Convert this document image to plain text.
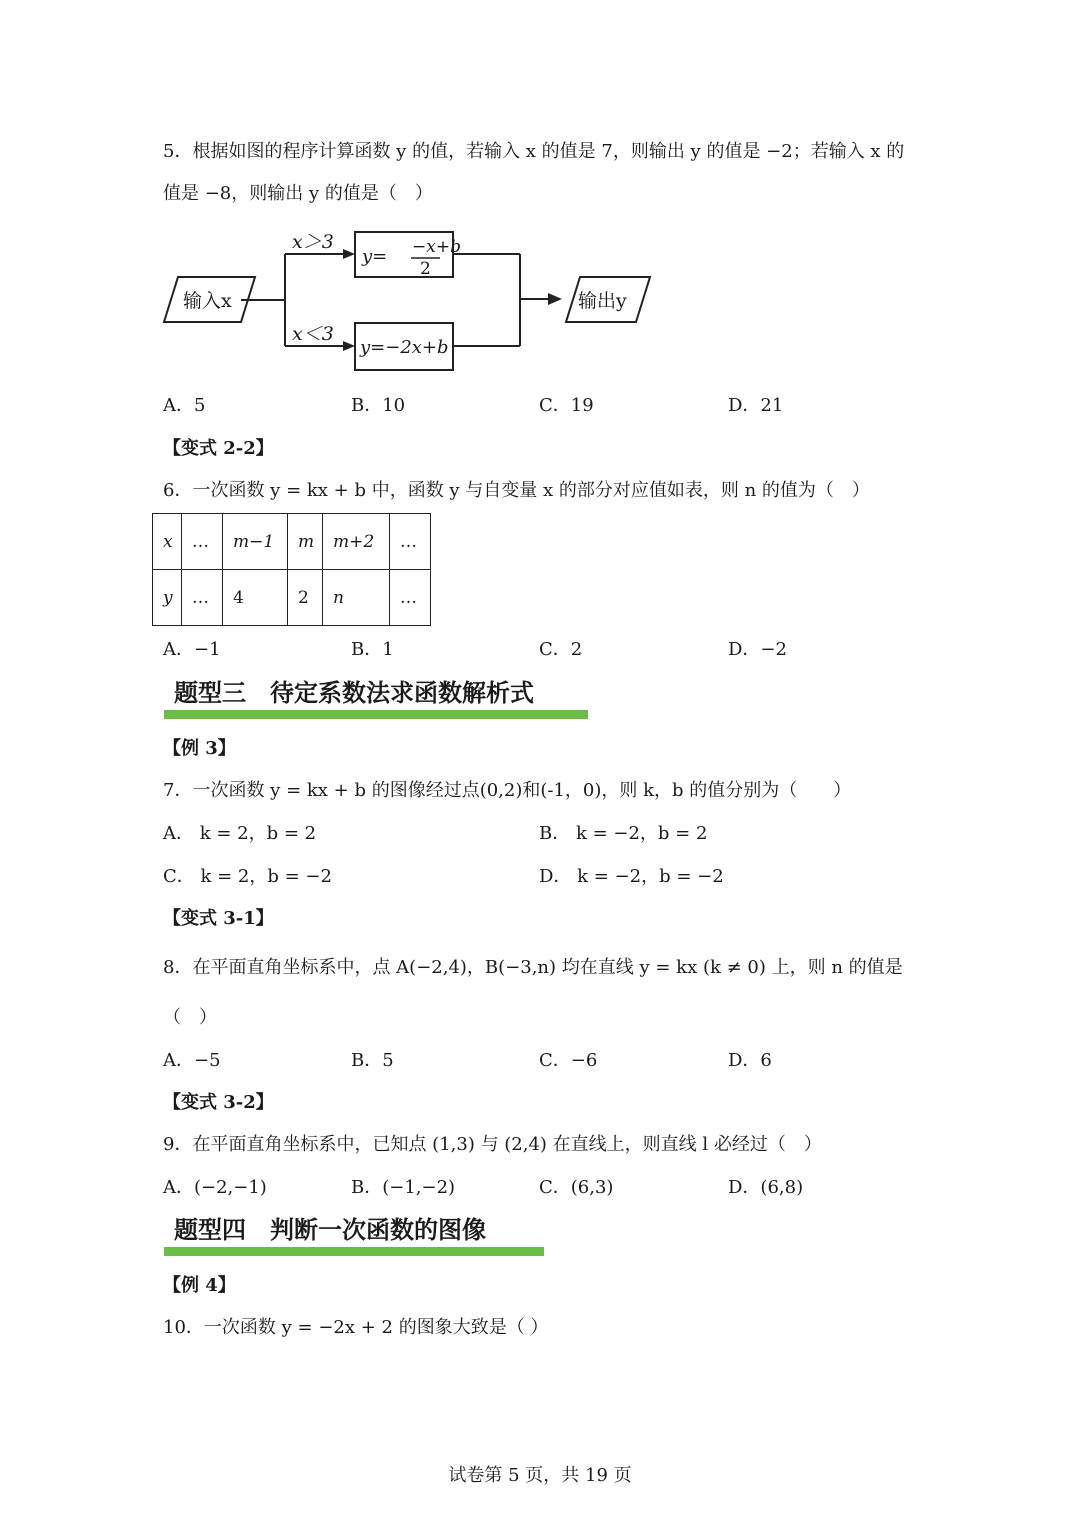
5．根据如图的程序计算函数 y 的值，若输入 x 的值是 7，则输出 y 的值是 −2；若输入 x 的
值是 −8，则输出 y 的值是（　）
输入x	输出y
x＞3
x＜3
y= −x+b
2
y=−2x+b
A．5	B．10	C．19	D．21
【变式 2-2】
6．一次函数 y = kx + b 中，函数 y 与自变量 x 的部分对应值如表，则 n 的值为（　）
x	…	m−1	m	m+2	…
y	…	4	2	n	…
A．−1	B．1	C．2	D．−2
题型三　待定系数法求函数解析式
【例 3】
7．一次函数 y = kx + b 的图像经过点(0,2)和(-1，0)，则 k，b 的值分别为（　　）
A． k = 2，b = 2	B． k = −2，b = 2
C． k = 2，b = −2	D． k = −2，b = −2
【变式 3-1】
8．在平面直角坐标系中，点 A(−2,4)，B(−3,n) 均在直线 y = kx (k ≠ 0) 上，则 n 的值是
（　）
A．−5	B．5	C．−6	D．6
【变式 3-2】
9．在平面直角坐标系中，已知点 (1,3) 与 (2,4) 在直线上，则直线 l 必经过（　）
A．(−2,−1)	B．(−1,−2)	C．(6,3)	D．(6,8)
题型四　判断一次函数的图像
【例 4】
10．一次函数 y = −2x + 2 的图象大致是（ ）
试卷第 5 页，共 19 页
